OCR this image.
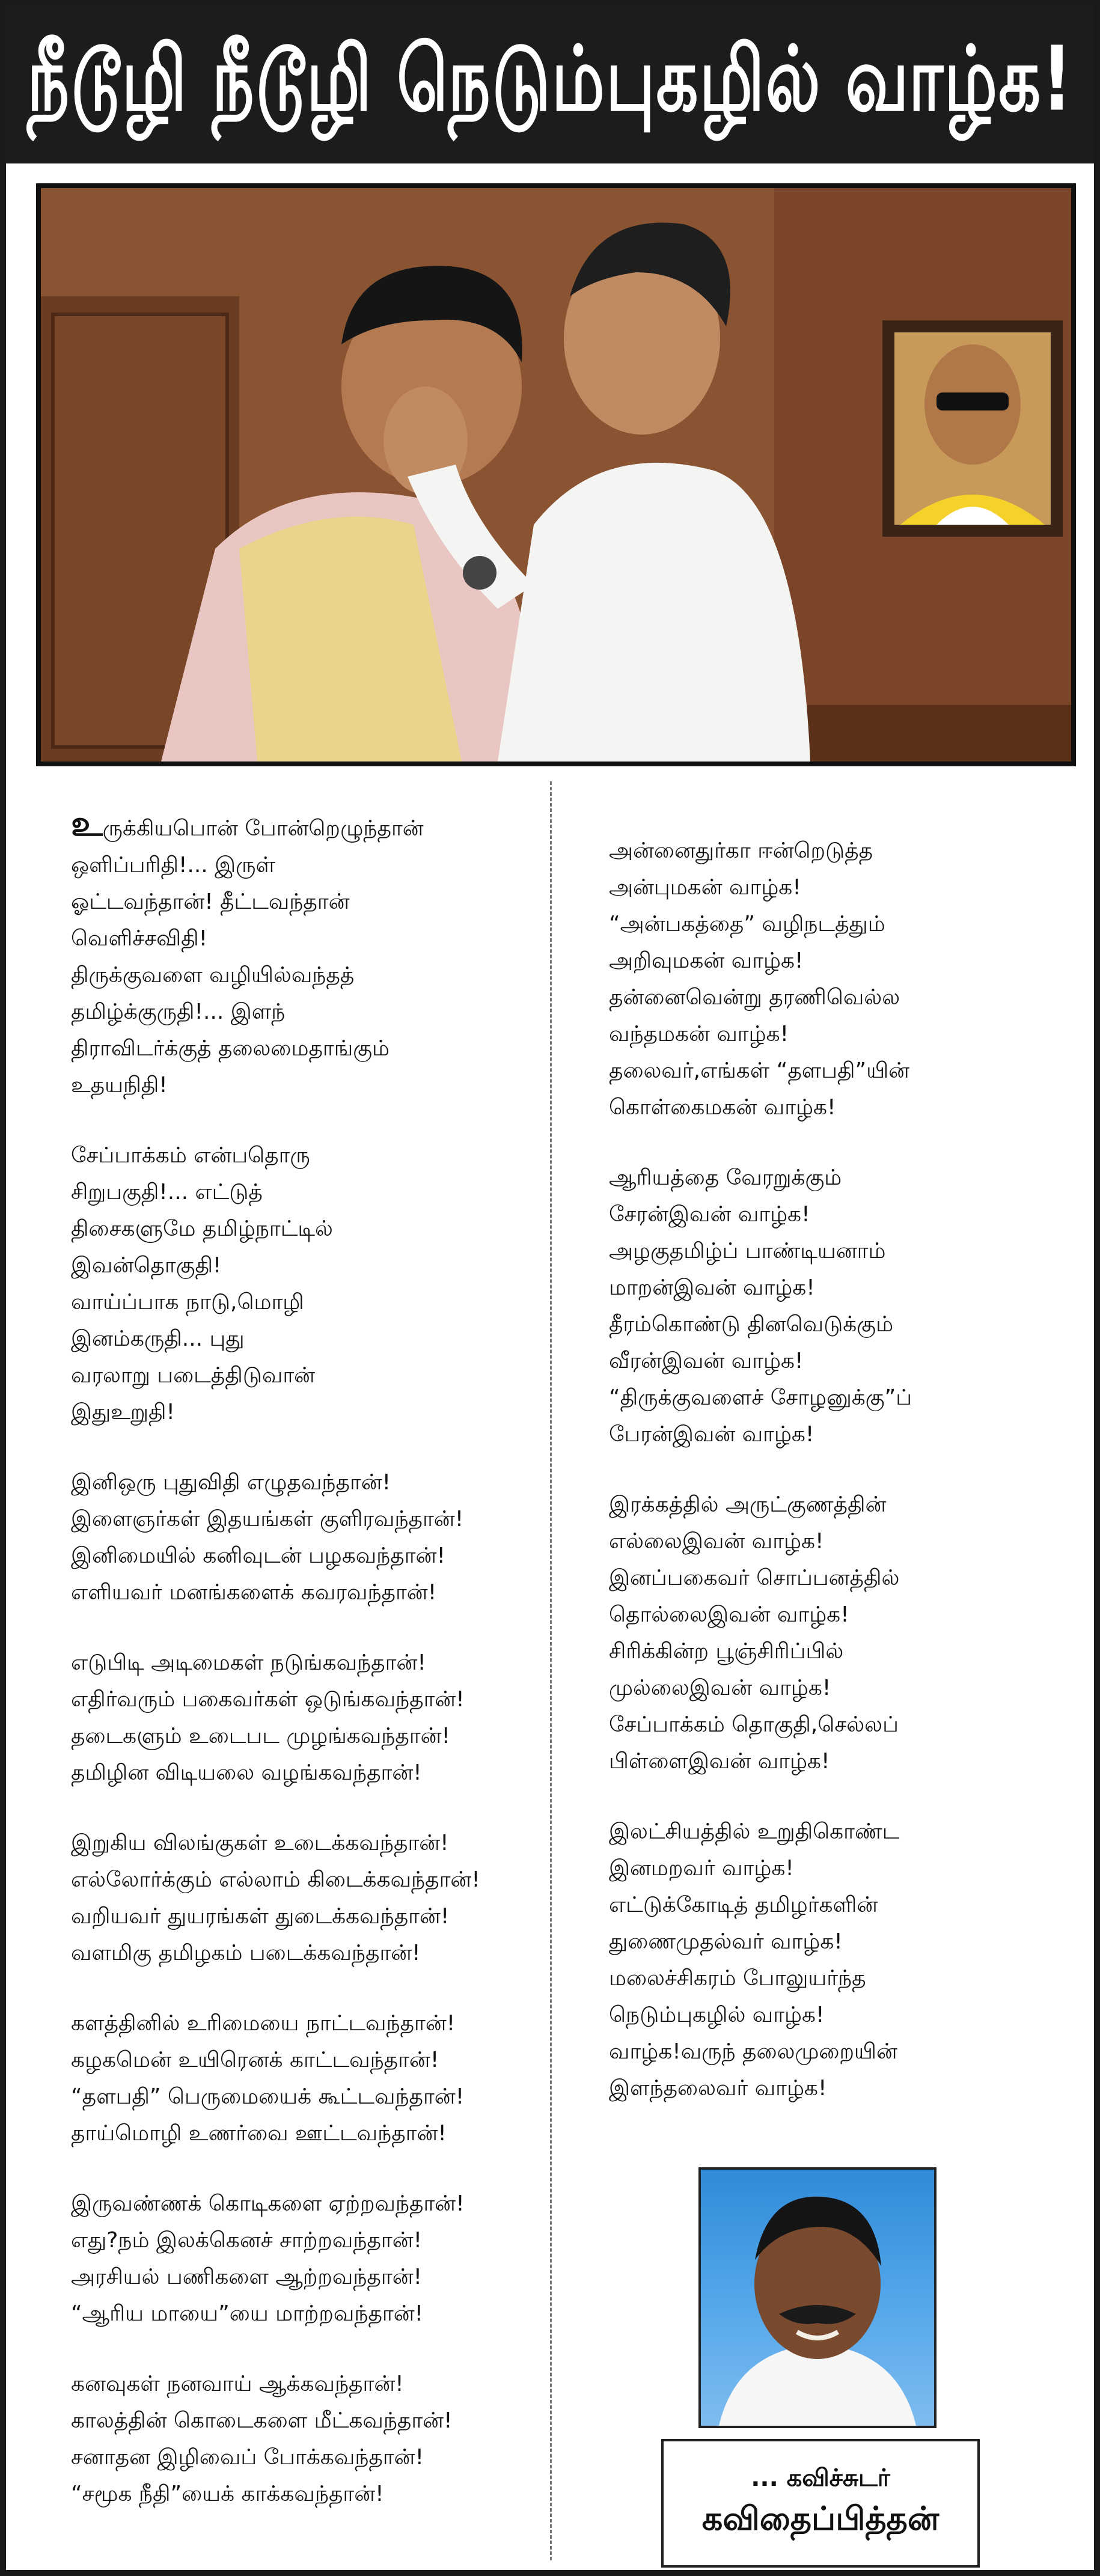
நீடூழி நீடூழி நெடும்புகழில் வாழ்க!
உருக்கியபொன் போன்றெழுந்தான்
ஒளிப்பரிதி!... இருள்
ஓட்டவந்தான்! தீட்டவந்தான்
வெளிச்சவிதி!
திருக்குவளை வழியில்வந்தத்
தமிழ்க்குருதி!... இளந்
திராவிடர்க்குத் தலைமைதாங்கும்
உதயநிதி!
சேப்பாக்கம் என்பதொரு
சிறுபகுதி!... எட்டுத்
திசைகளுமே தமிழ்நாட்டில்
இவன்தொகுதி!
வாய்ப்பாக நாடு,மொழி
இனம்கருதி... புது
வரலாறு படைத்திடுவான்
இதுஉறுதி!
இனிஒரு புதுவிதி எழுதவந்தான்!
இளைஞர்கள் இதயங்கள் குளிரவந்தான்!
இனிமையில் கனிவுடன் பழகவந்தான்!
எளியவர் மனங்களைக் கவரவந்தான்!
எடுபிடி அடிமைகள் நடுங்கவந்தான்!
எதிர்வரும் பகைவர்கள் ஒடுங்கவந்தான்!
தடைகளும் உடைபட முழங்கவந்தான்!
தமிழின விடியலை வழங்கவந்தான்!
இறுகிய விலங்குகள் உடைக்கவந்தான்!
எல்லோர்க்கும் எல்லாம் கிடைக்கவந்தான்!
வறியவர் துயரங்கள் துடைக்கவந்தான்!
வளமிகு தமிழகம் படைக்கவந்தான்!
களத்தினில் உரிமையை நாட்டவந்தான்!
கழகமென் உயிரெனக் காட்டவந்தான்!
“தளபதி” பெருமையைக் கூட்டவந்தான்!
தாய்மொழி உணர்வை ஊட்டவந்தான்!
இருவண்ணக் கொடிகளை ஏற்றவந்தான்!
எது?நம் இலக்கெனச் சாற்றவந்தான்!
அரசியல் பணிகளை ஆற்றவந்தான்!
“ஆரிய மாயை”யை மாற்றவந்தான்!
கனவுகள் நனவாய் ஆக்கவந்தான்!
காலத்தின் கொடைகளை மீட்கவந்தான்!
சனாதன இழிவைப் போக்கவந்தான்!
“சமூக நீதி”யைக் காக்கவந்தான்!
அன்னைதுர்கா ஈன்றெடுத்த
அன்புமகன் வாழ்க!
“அன்பகத்தை” வழிநடத்தும்
அறிவுமகன் வாழ்க!
தன்னைவென்று தரணிவெல்ல
வந்தமகன் வாழ்க!
தலைவர்,எங்கள் “தளபதி”யின்
கொள்கைமகன் வாழ்க!
ஆரியத்தை வேரறுக்கும்
சேரன்இவன் வாழ்க!
அழகுதமிழ்ப் பாண்டியனாம்
மாறன்இவன் வாழ்க!
தீரம்கொண்டு தினவெடுக்கும்
வீரன்இவன் வாழ்க!
“திருக்குவளைச் சோழனுக்கு”ப்
பேரன்இவன் வாழ்க!
இரக்கத்தில் அருட்குணத்தின்
எல்லைஇவன் வாழ்க!
இனப்பகைவர் சொப்பனத்தில்
தொல்லைஇவன் வாழ்க!
சிரிக்கின்ற பூஞ்சிரிப்பில்
முல்லைஇவன் வாழ்க!
சேப்பாக்கம் தொகுதி,செல்லப்
பிள்ளைஇவன் வாழ்க!
இலட்சியத்தில் உறுதிகொண்ட
இனமறவர் வாழ்க!
எட்டுக்கோடித் தமிழர்களின்
துணைமுதல்வர் வாழ்க!
மலைச்சிகரம் போலுயர்ந்த
நெடும்புகழில் வாழ்க!
வாழ்க!வருந் தலைமுறையின்
இளந்தலைவர் வாழ்க!
... கவிச்சுடர்
கவிதைப்பித்தன்
